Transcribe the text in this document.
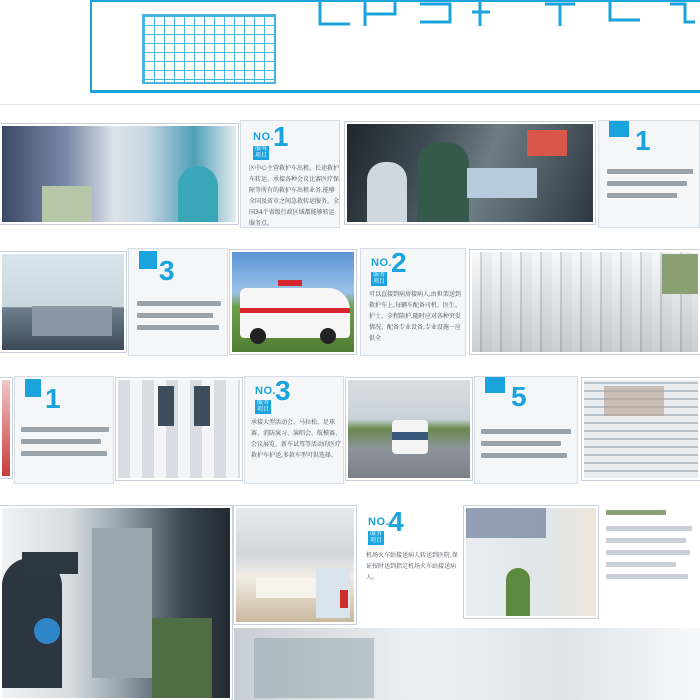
NO.
1
服务项目
区中心主营救护车出租、长途救护车转运、承接各种会议比赛医疗保障等所有的救护车出租业务,能够全国及省市之间急救转运服务。全国34个省级行政区域都能够转运服务点。
1
3	NO.
2
服务项目
可以直接到病房接病人,由担架送到救护车上,每辆车配备司机、医生、护士、全程陪护,随时应对各种突发情况。配备专业设备,专业设施一应俱全
1	NO.
3
服务项目
承接大型活动会、马拉松、足球赛、消防演习、演唱会、航模赛、会议展览、新车试驾等活动的医疗救护车护送,多款车型可供选择。
5
NO.
4
服务项目
机场火车站接送病人转送到医院,保证按时送到指定机场火车站接送病人。
